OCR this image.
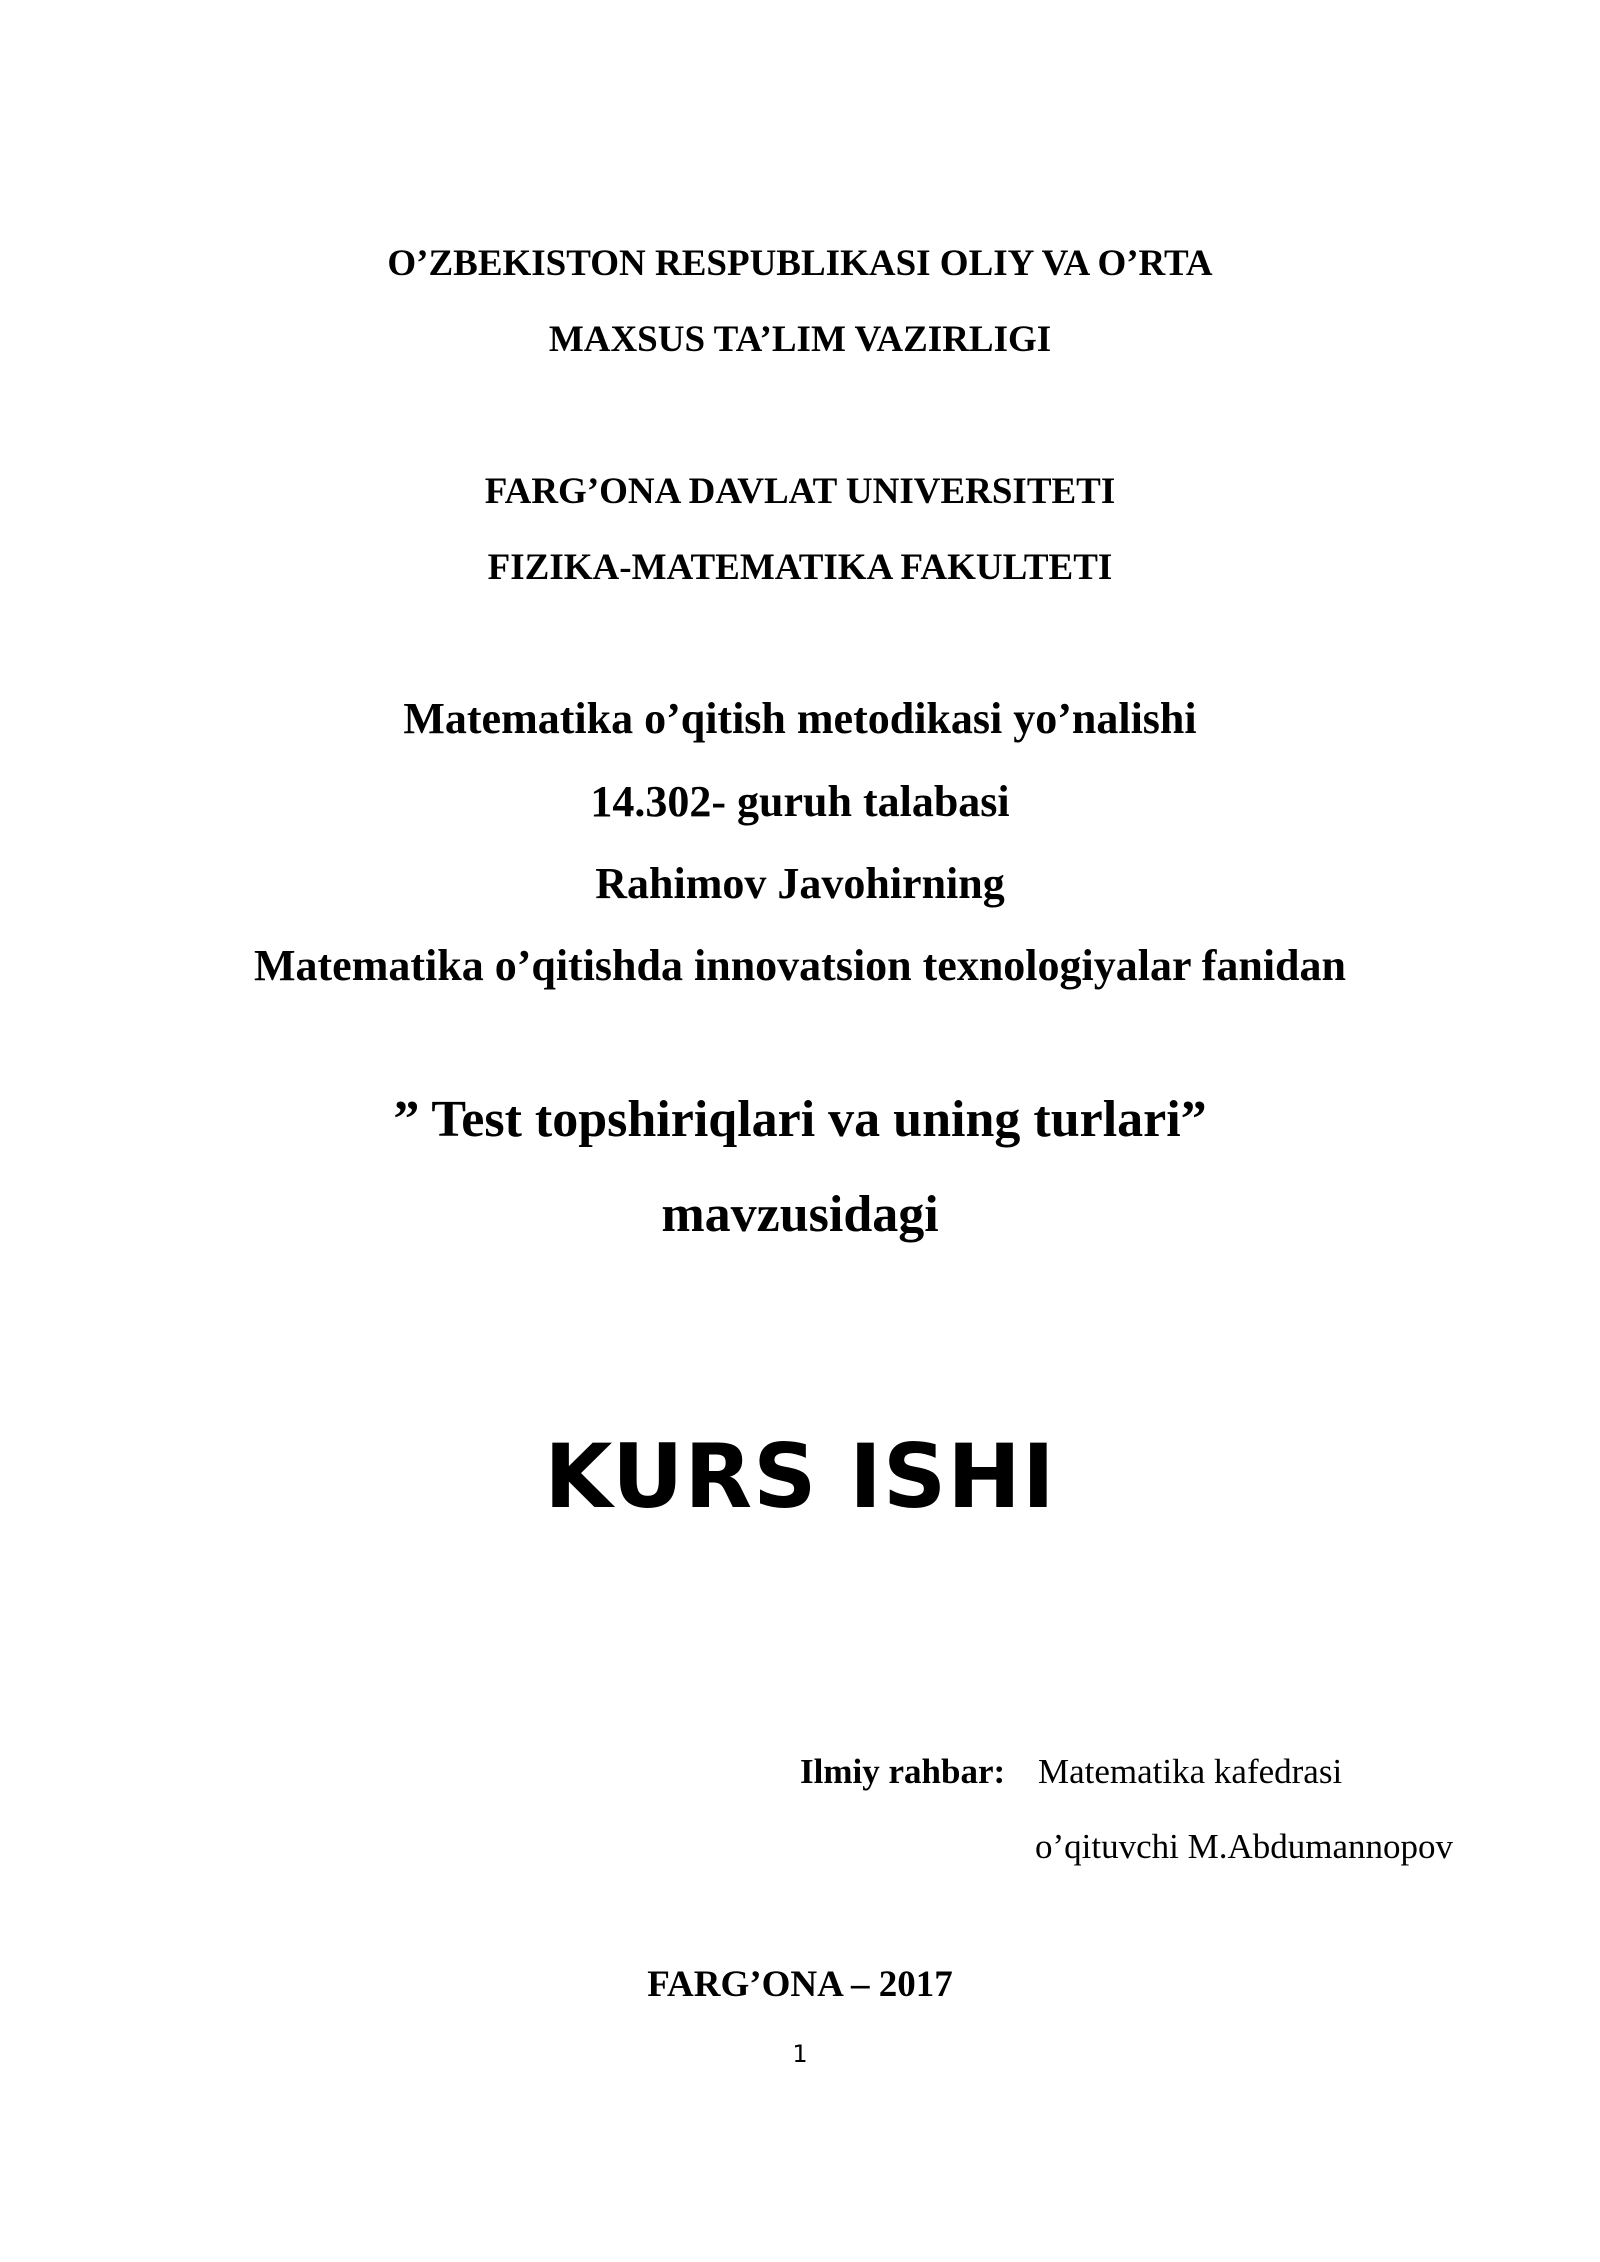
O’ZBEKISTON RESPUBLIKASI OLIY VA O’RTA
MAXSUS TA’LIM VAZIRLIGI
FARG’ONA DAVLAT UNIVERSITETI
FIZIKA-MATEMATIKA FAKULTETI
Matematika o’qitish metodikasi yo’nalishi
14.302- guruh talabasi
Rahimov Javohirning
Matematika o’qitishda innovatsion texnologiyalar fanidan
” Test topshiriqlari va uning turlari”
mavzusidagi
KURS ISHI
Ilmiy rahbar: Matematika kafedrasi
o’qituvchi M.Abdumannopov
FARG’ONA – 2017
1
